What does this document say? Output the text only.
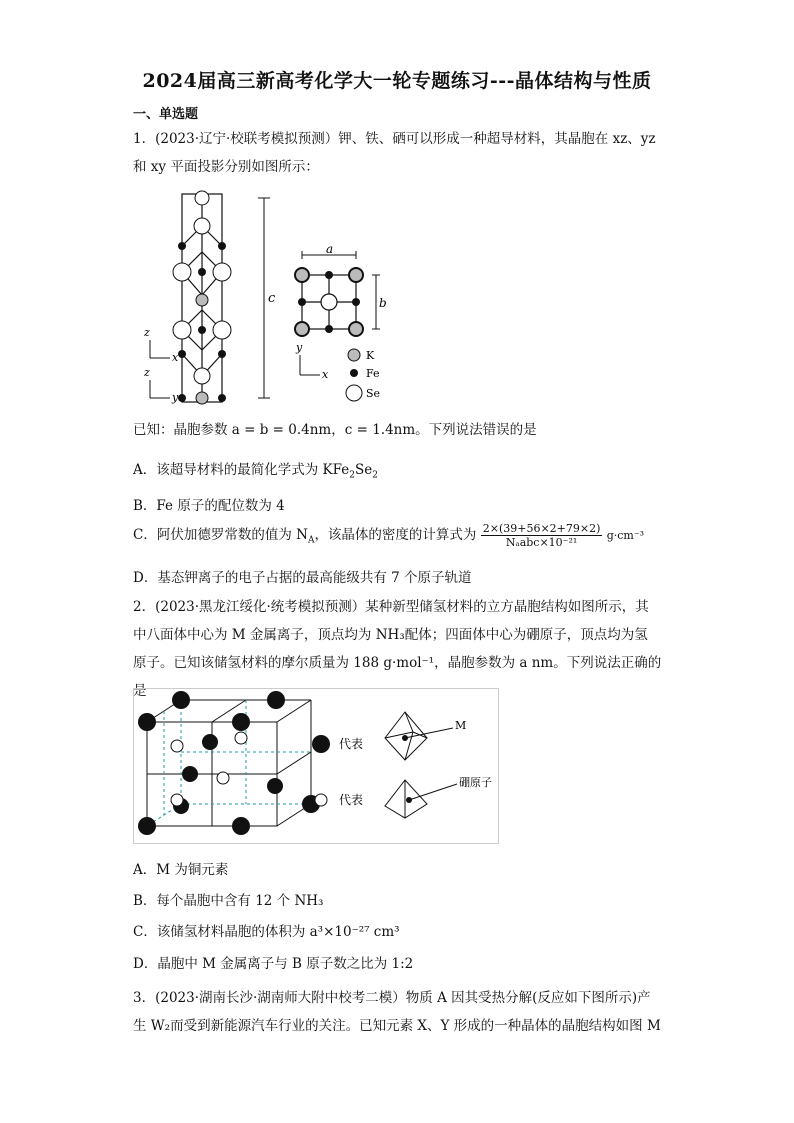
2024届高三新高考化学大一轮专题练习---晶体结构与性质
一、单选题
1．(2023·辽宁·校联考模拟预测）钾、铁、硒可以形成一种超导材料，其晶胞在 xz、yz
和 xy 平面投影分别如图所示：
c
z
x
z
y
a
b
y
x
K
Fe
Se
已知：晶胞参数 a = b = 0.4nm，c = 1.4nm。下列说法错误的是
A．该超导材料的最简化学式为 $KFe_2Se_2$
B．Fe 原子的配位数为 4
C．阿伏加德罗常数的值为 $N_A$，该晶体的密度的计算式为 $\frac{2\times(39+56\times 2+79\times 2)}{\text{Nₐabc×10⁻²¹}} g\cdot cm^{-3}$
D．基态钾离子的电子占据的最高能级共有 7 个原子轨道
2．(2023·黑龙江绥化·统考模拟预测）某种新型储氢材料的立方晶胞结构如图所示，其
中八面体中心为 M 金属离子，顶点均为 NH₃配体；四面体中心为硼原子，顶点均为氢
原子。已知该储氢材料的摩尔质量为 188 g·mol⁻¹，晶胞参数为 a nm。下列说法正确的是
代表
代表
M
硼原子
A．M 为铜元素
B．每个晶胞中含有 12 个 NH₃
C．该储氢材料晶胞的体积为 a³×10⁻²⁷ cm³
D．晶胞中 M 金属离子与 B 原子数之比为 1:2
3．(2023·湖南长沙·湖南师大附中校考二模）物质 A 因其受热分解(反应如下图所示)产
生 W₂而受到新能源汽车行业的关注。已知元素 X、Y 形成的一种晶体的晶胞结构如图 M
